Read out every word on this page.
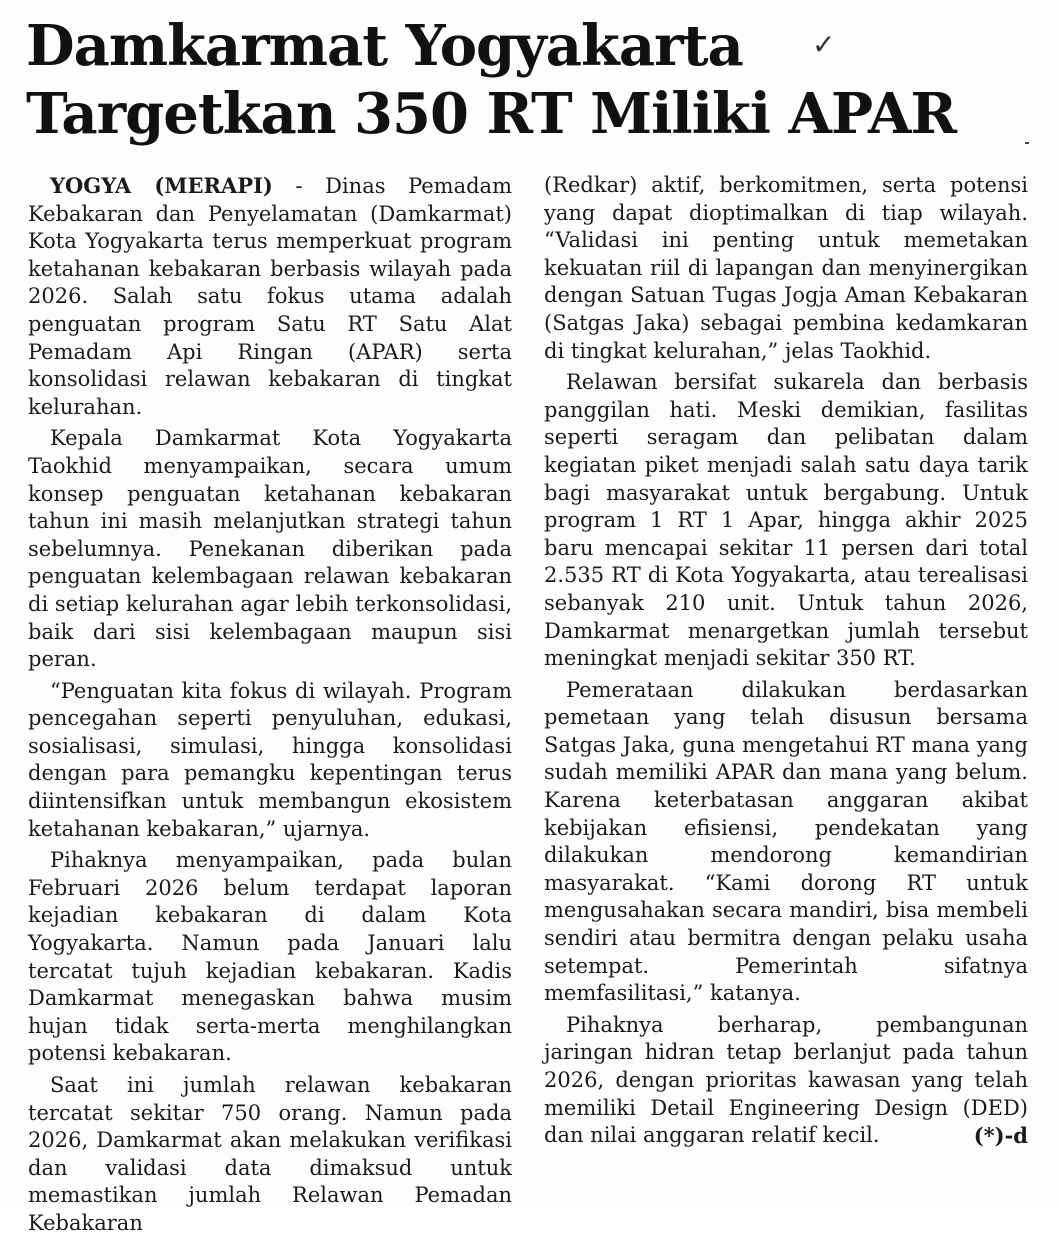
Damkarmat Yogyakarta
Targetkan 350 RT Miliki APAR
✓

YOGYA (MERAPI) - Dinas Pemadam Kebakaran dan Penyelamatan (Damkarmat) Kota Yogyakarta terus memperkuat program ketahanan kebakaran berbasis wilayah pada 2026. Salah satu fokus utama adalah penguatan program Satu RT Satu Alat Pemadam Api Ringan (APAR) serta konsolidasi relawan kebakaran di tingkat kelurahan.

Kepala Damkarmat Kota Yogyakarta Taokhid menyampaikan, secara umum konsep penguatan ketahanan kebakaran tahun ini masih melanjutkan strategi tahun sebelumnya. Penekanan diberikan pada penguatan kelembagaan relawan kebakaran di setiap kelurahan agar lebih terkonsolidasi, baik dari sisi kelembagaan maupun sisi peran.

“Penguatan kita fokus di wilayah. Program pencegahan seperti penyuluhan, edukasi, sosialisasi, simulasi, hingga konsolidasi dengan para pemangku kepentingan terus diintensifkan untuk membangun ekosistem ketahanan kebakaran,” ujarnya.

Pihaknya menyampaikan, pada bulan Februari 2026 belum terdapat laporan kejadian kebakaran di dalam Kota Yogyakarta. Namun pada Januari lalu tercatat tujuh kejadian kebakaran. Kadis Damkarmat menegaskan bahwa musim hujan tidak serta-merta menghilangkan potensi kebakaran.

Saat ini jumlah relawan kebakaran tercatat sekitar 750 orang. Namun pada 2026, Damkarmat akan melakukan verifikasi dan validasi data dimaksud untuk memastikan jumlah Relawan Pemadan Kebakaran

(Redkar) aktif, berkomitmen, serta potensi yang dapat dioptimalkan di tiap wilayah. “Validasi ini penting untuk memetakan kekuatan riil di lapangan dan menyinergikan dengan Satuan Tugas Jogja Aman Kebakaran (Satgas Jaka) sebagai pembina kedamkaran di tingkat kelurahan,” jelas Taokhid.

Relawan bersifat sukarela dan berbasis panggilan hati. Meski demikian, fasilitas seperti seragam dan pelibatan dalam kegiatan piket menjadi salah satu daya tarik bagi masyarakat untuk bergabung. Untuk program 1 RT 1 Apar, hingga akhir 2025 baru mencapai sekitar 11 persen dari total 2.535 RT di Kota Yogyakarta, atau terealisasi sebanyak 210 unit. Untuk tahun 2026, Damkarmat menargetkan jumlah tersebut meningkat menjadi sekitar 350 RT.

Pemerataan dilakukan berdasarkan pemetaan yang telah disusun bersama Satgas Jaka, guna mengetahui RT mana yang sudah memiliki APAR dan mana yang belum. Karena keterbatasan anggaran akibat kebijakan efisiensi, pendekatan yang dilakukan mendorong kemandirian masyarakat. “Kami dorong RT untuk mengusahakan secara mandiri, bisa membeli sendiri atau bermitra dengan pelaku usaha setempat. Pemerintah sifatnya memfasilitasi,” katanya.

Pihaknya berharap, pembangunan jaringan hidran tetap berlanjut pada tahun 2026, dengan prioritas kawasan yang telah memiliki Detail Engineering Design (DED) dan nilai anggaran relatif kecil.	(*)-d
